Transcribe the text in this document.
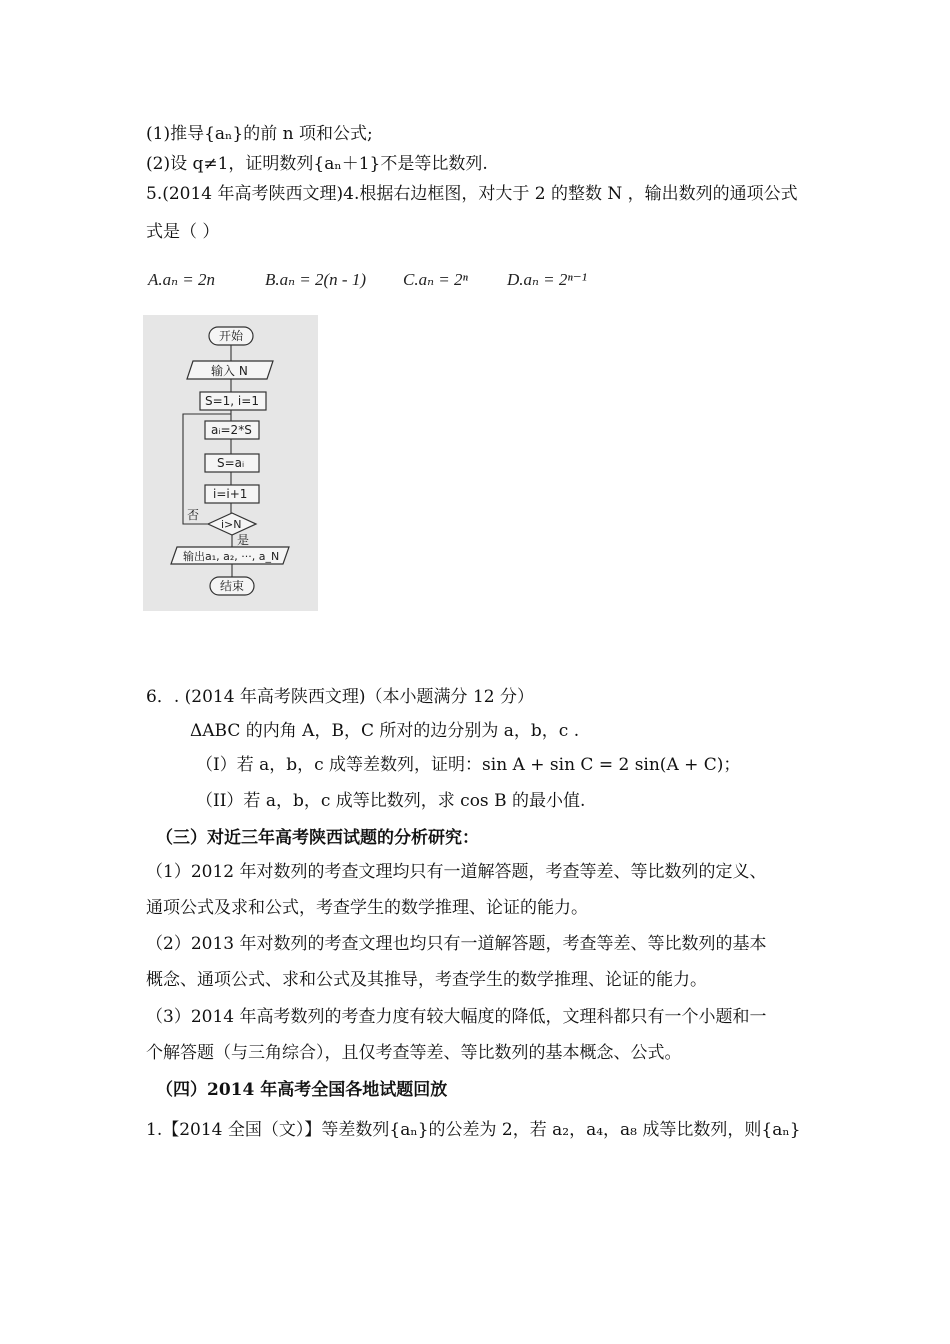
(1)推导{aₙ}的前 n 项和公式;
(2)设 q≠1，证明数列{aₙ＋1}不是等比数列.
5.(2014 年高考陕西文理)4.根据右边框图，对大于 2 的整数 N ，输出数列的通项公式
式是（ ）
A.aₙ = 2n	B.aₙ = 2(n - 1) C.aₙ = 2ⁿ D.aₙ = 2ⁿ⁻¹
开始
输入 N
S=1, i=1
aᵢ=2*S
S=aᵢ
i=i+1
i>N
否
是
输出a₁, a₂, ···, a_N
结束
6．. (2014 年高考陕西文理)（本小题满分 12 分）
ΔABC 的内角 A，B，C 所对的边分别为 a，b，c .
（I）若 a，b，c 成等差数列，证明：sin A + sin C = 2 sin(A + C)；
（II）若 a，b，c 成等比数列，求 cos B 的最小值.
（三）对近三年高考陕西试题的分析研究：
（1）2012 年对数列的考查文理均只有一道解答题，考查等差、等比数列的定义、
通项公式及求和公式，考查学生的数学推理、论证的能力。
（2）2013 年对数列的考查文理也均只有一道解答题，考查等差、等比数列的基本
概念、通项公式、求和公式及其推导，考查学生的数学推理、论证的能力。
（3）2014 年高考数列的考查力度有较大幅度的降低，文理科都只有一个小题和一
个解答题（与三角综合），且仅考查等差、等比数列的基本概念、公式。
（四）2014 年高考全国各地试题回放
1.【2014 全国（文）】等差数列{aₙ}的公差为 2，若 a₂，a₄，a₈ 成等比数列，则{aₙ}
